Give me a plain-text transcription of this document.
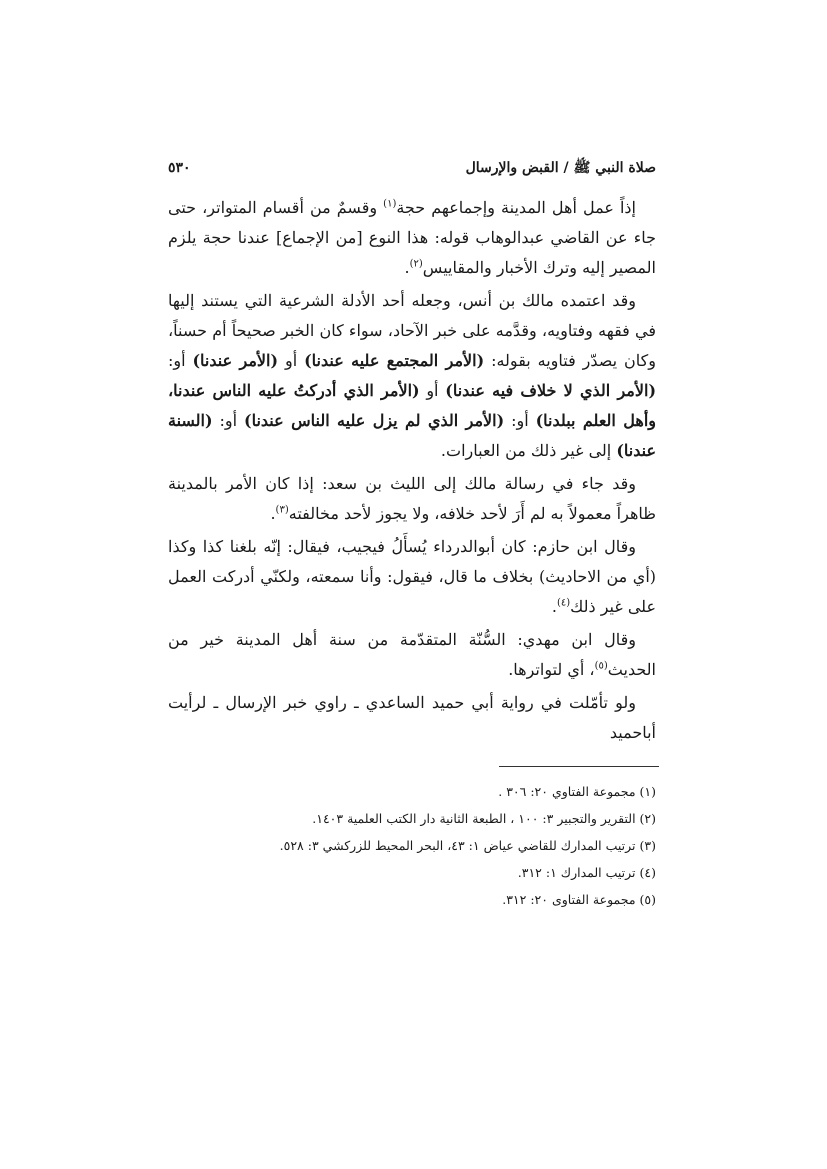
صلاة النبي ﷺ / القبض والإرسال
٥٣٠

إذاً عمل أهل المدينة وإجماعهم حجة$^{(١)}$ وقسمٌ من أقسام المتواتر، حتى جاء عن القاضي عبدالوهاب قوله: هذا النوع [من الإجماع] عندنا حجة يلزم المصير إليه وترك الأخبار والمقاييس$^{(٢)}$.

وقد اعتمده مالك بن أنس، وجعله أحد الأدلة الشرعية التي يستند إليها في فقهه وفتاويه، وقدَّمه على خبر الآحاد، سواء كان الخبر صحيحاً أم حسناً، وكان يصدّر فتاويه بقوله: (الأمر المجتمع عليه عندنا) أو (الأمر عندنا) أو: (الأمر الذي لا خلاف فيه عندنا) أو (الأمر الذي أدركتُ عليه الناس عندنا، وأهل العلم ببلدنا) أو: (الأمر الذي لم يزل عليه الناس عندنا) أو: (السنة عندنا) إلى غير ذلك من العبارات.

وقد جاء في رسالة مالك إلى الليث بن سعد: إذا كان الأمر بالمدينة ظاهراً معمولاً به لم أَرَ لأحد خلافه، ولا يجوز لأحد مخالفته$^{(٣)}$.

وقال ابن حازم: كان أبوالدرداء يُسأَلُ فيجيب، فيقال: إنّه بلغنا كذا وكذا (أي من الاحاديث) بخلاف ما قال، فيقول: وأنا سمعته، ولكنّي أدركت العمل على غير ذلك$^{(٤)}$.

وقال ابن مهدي: السُّنّة المتقدّمة من سنة أهل المدينة خير من الحديث$^{(٥)}$، أي لتواترها.

ولو تأمّلت في رواية أبي حميد الساعدي ـ راوي خبر الإرسال ـ لرأيت أباحميد

(١) مجموعة الفتاوي ٢٠: ٣٠٦ .
(٢) التقرير والتجبير ٣: ١٠٠ ، الطبعة الثانية دار الكتب العلمية ١٤٠٣.
(٣) ترتيب المدارك للقاضي عياض ١: ٤٣، البحر المحيط للزركشي ٣: ٥٢٨.
(٤) ترتيب المدارك ١: ٣١٢.
(٥) مجموعة الفتاوى ٢٠: ٣١٢.
